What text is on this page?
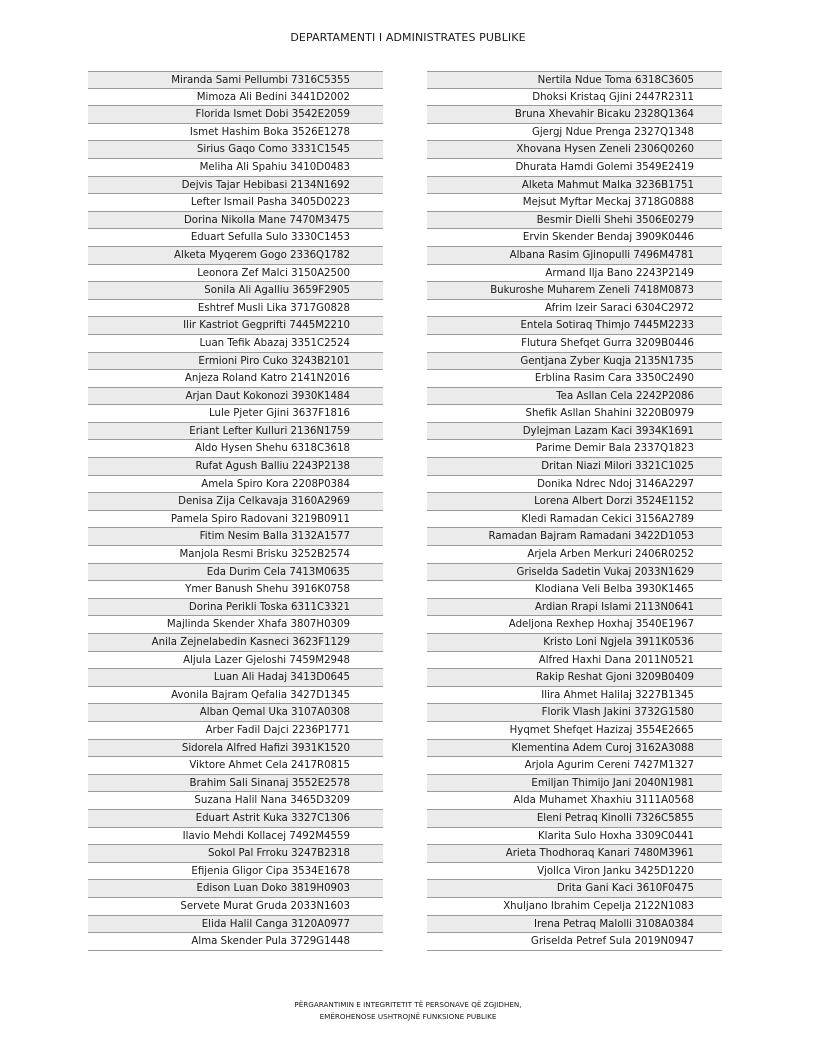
DEPARTAMENTI I ADMINISTRATES PUBLIKE
Miranda Sami Pellumbi 7316C5355
Mimoza Ali Bedini 3441D2002
Florida Ismet Dobi 3542E2059
Ismet Hashim Boka 3526E1278
Sirius Gaqo Como 3331C1545
Meliha Ali Spahiu 3410D0483
Dejvis Tajar Hebibasi 2134N1692
Lefter Ismail Pasha 3405D0223
Dorina Nikolla Mane 7470M3475
Eduart Sefulla Sulo 3330C1453
Alketa Myqerem Gogo 2336Q1782
Leonora Zef Malci 3150A2500
Sonila Ali Agalliu 3659F2905
Eshtref Musli Lika 3717G0828
Ilir Kastriot Gegprifti 7445M2210
Luan Tefik Abazaj 3351C2524
Ermioni Piro Cuko 3243B2101
Anjeza Roland Katro 2141N2016
Arjan Daut Kokonozi 3930K1484
Lule Pjeter Gjini 3637F1816
Eriant Lefter Kulluri 2136N1759
Aldo Hysen Shehu 6318C3618
Rufat Agush Balliu 2243P2138
Amela Spiro Kora 2208P0384
Denisa Zija Celkavaja 3160A2969
Pamela Spiro Radovani 3219B0911
Fitim Nesim Balla 3132A1577
Manjola Resmi Brisku 3252B2574
Eda Durim Cela 7413M0635
Ymer Banush Shehu 3916K0758
Dorina Perikli Toska 6311C3321
Majlinda Skender Xhafa 3807H0309
Anila Zejnelabedin Kasneci 3623F1129
Aljula Lazer Gjeloshi 7459M2948
Luan Ali Hadaj 3413D0645
Avonila Bajram Qefalia 3427D1345
Alban Qemal Uka 3107A0308
Arber Fadil Dajci 2236P1771
Sidorela Alfred Hafizi 3931K1520
Viktore Ahmet Cela 2417R0815
Brahim Sali Sinanaj 3552E2578
Suzana Halil Nana 3465D3209
Eduart Astrit Kuka 3327C1306
Ilavio Mehdi Kollacej 7492M4559
Sokol Pal Frroku 3247B2318
Efijenia Gligor Cipa 3534E1678
Edison Luan Doko 3819H0903
Servete Murat Gruda 2033N1603
Elida Halil Canga 3120A0977
Alma Skender Pula 3729G1448
Nertila Ndue Toma 6318C3605
Dhoksi Kristaq Gjini 2447R2311
Bruna Xhevahir Bicaku 2328Q1364
Gjergj Ndue Prenga 2327Q1348
Xhovana Hysen Zeneli 2306Q0260
Dhurata Hamdi Golemi 3549E2419
Alketa Mahmut Malka 3236B1751
Mejsut Myftar Meckaj 3718G0888
Besmir Dielli Shehi 3506E0279
Ervin Skender Bendaj 3909K0446
Albana Rasim Gjinopulli 7496M4781
Armand Ilja Bano 2243P2149
Bukuroshe Muharem Zeneli 7418M0873
Afrim Izeir Saraci 6304C2972
Entela Sotiraq Thimjo 7445M2233
Flutura Shefqet Gurra 3209B0446
Gentjana Zyber Kuqja 2135N1735
Erblina Rasim Cara 3350C2490
Tea Asllan Cela 2242P2086
Shefik Asllan Shahini 3220B0979
Dylejman Lazam Kaci 3934K1691
Parime Demir Bala 2337Q1823
Dritan Niazi Milori 3321C1025
Donika Ndrec Ndoj 3146A2297
Lorena Albert Dorzi 3524E1152
Kledi Ramadan Cekici 3156A2789
Ramadan Bajram Ramadani 3422D1053
Arjela Arben Merkuri 2406R0252
Griselda Sadetin Vukaj 2033N1629
Klodiana Veli Belba 3930K1465
Ardian Rrapi Islami 2113N0641
Adeljona Rexhep Hoxhaj 3540E1967
Kristo Loni Ngjela 3911K0536
Alfred Haxhi Dana 2011N0521
Rakip Reshat Gjoni 3209B0409
Ilira Ahmet Halilaj 3227B1345
Florik Vlash Jakini 3732G1580
Hyqmet Shefqet Hazizaj 3554E2665
Klementina Adem Curoj 3162A3088
Arjola Agurim Cereni 7427M1327
Emiljan Thimijo Jani 2040N1981
Alda Muhamet Xhaxhiu 3111A0568
Eleni Petraq Kinolli 7326C5855
Klarita Sulo Hoxha 3309C0441
Arieta Thodhoraq Kanari 7480M3961
Vjollca Viron Janku 3425D1220
Drita Gani Kaci 3610F0475
Xhuljano Ibrahim Cepelja 2122N1083
Irena Petraq Malolli 3108A0384
Griselda Petref Sula 2019N0947
PËRGARANTIMIN E INTEGRITETIT TË PERSONAVE QË ZGJIDHEN,
EMËROHENOSE USHTROJNË FUNKSIONE PUBLIKE
